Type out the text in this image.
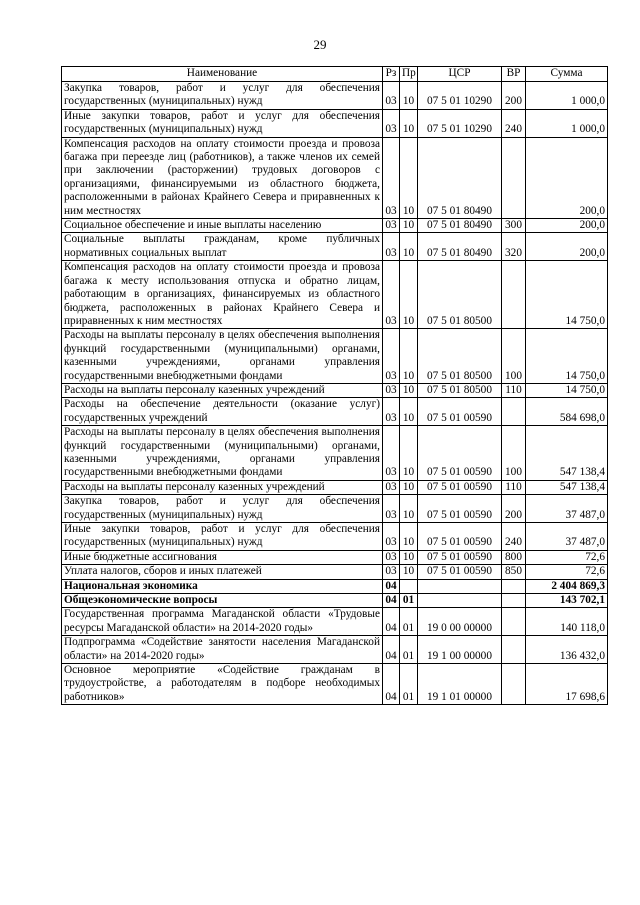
29
Наименование	Рз	Пр	ЦСР	ВР	Сумма
Закупка товаров, работ и услуг для обеспечения государственных (муниципальных) нужд	03	10	07 5 01 10290	200	1 000,0
Иные закупки товаров, работ и услуг для обеспечения государственных (муниципальных) нужд	03	10	07 5 01 10290	240	1 000,0
Компенсация расходов на оплату стоимости проезда и провоза багажа при переезде лиц (работников), а также членов их семей при заключении (расторжении) трудовых договоров с организациями, финансируемыми из областного бюджета, расположенными в районах Крайнего Севера и приравненных к ним местностях	03	10	07 5 01 80490		200,0
Социальное обеспечение и иные выплаты населению	03	10	07 5 01 80490	300	200,0
Социальные выплаты гражданам, кроме публичных нормативных социальных выплат	03	10	07 5 01 80490	320	200,0
Компенсация расходов на оплату стоимости проезда и провоза багажа к месту использования отпуска и обратно лицам, работающим в организациях, финансируемых из областного бюджета, расположенных в районах Крайнего Севера и приравненных к ним местностях	03	10	07 5 01 80500		14 750,0
Расходы на выплаты персоналу в целях обеспечения выполнения функций государственными (муниципальными) органами, казенными учреждениями, органами управления государственными внебюджетными фондами	03	10	07 5 01 80500	100	14 750,0
Расходы на выплаты персоналу казенных учреждений	03	10	07 5 01 80500	110	14 750,0
Расходы на обеспечение деятельности (оказание услуг) государственных учреждений	03	10	07 5 01 00590		584 698,0
Расходы на выплаты персоналу в целях обеспечения выполнения функций государственными (муниципальными) органами, казенными учреждениями, органами управления государственными внебюджетными фондами	03	10	07 5 01 00590	100	547 138,4
Расходы на выплаты персоналу казенных учреждений	03	10	07 5 01 00590	110	547 138,4
Закупка товаров, работ и услуг для обеспечения государственных (муниципальных) нужд	03	10	07 5 01 00590	200	37 487,0
Иные закупки товаров, работ и услуг для обеспечения государственных (муниципальных) нужд	03	10	07 5 01 00590	240	37 487,0
Иные бюджетные ассигнования	03	10	07 5 01 00590	800	72,6
Уплата налогов, сборов и иных платежей	03	10	07 5 01 00590	850	72,6
Национальная экономика	04				2 404 869,3
Общеэкономические вопросы	04	01			143 702,1
Государственная программа Магаданской области «Трудовые ресурсы Магаданской области» на 2014-2020 годы»	04	01	19 0 00 00000		140 118,0
Подпрограмма «Содействие занятости населения Магаданской области» на 2014-2020 годы»	04	01	19 1 00 00000		136 432,0
Основное мероприятие «Содействие гражданам в трудоустройстве, а работодателям в подборе необходимых работников»	04	01	19 1 01 00000		17 698,6
